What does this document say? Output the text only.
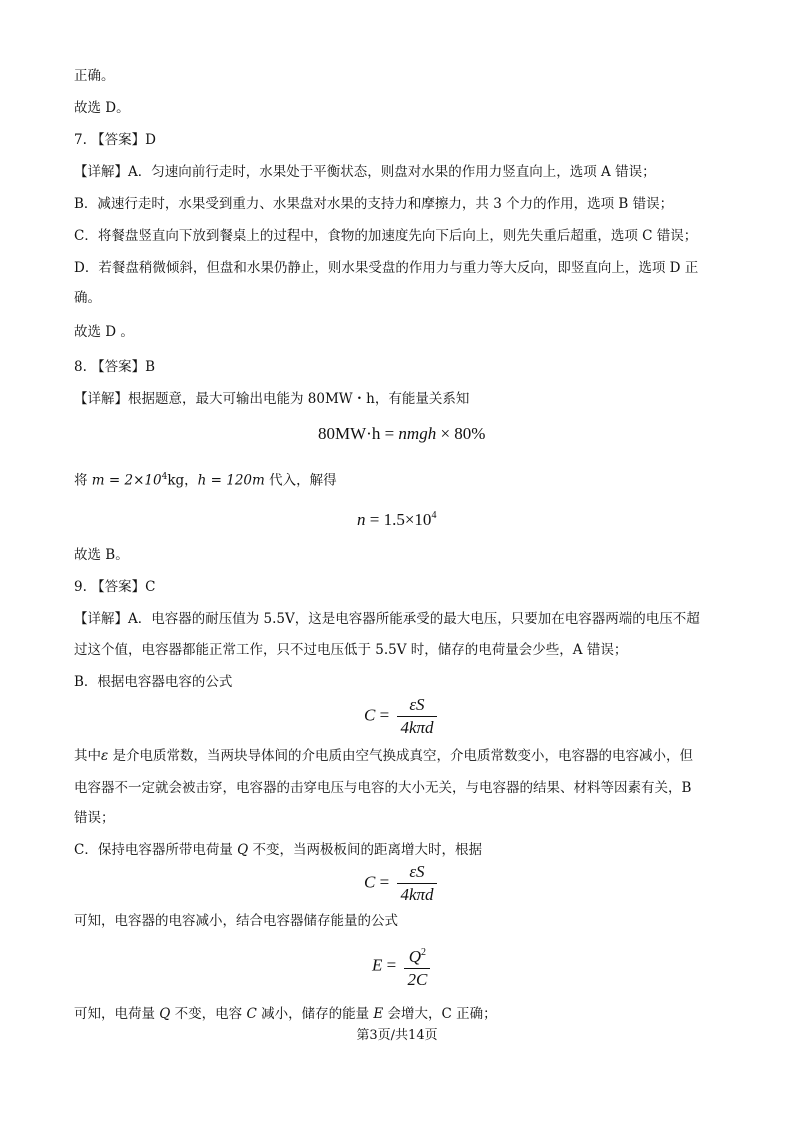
正确。
故选 D。
7. 【答案】D
【详解】A．匀速向前行走时，水果处于平衡状态，则盘对水果的作用力竖直向上，选项 A 错误；
B．减速行走时，水果受到重力、水果盘对水果的支持力和摩擦力，共 3 个力的作用，选项 B 错误；
C．将餐盘竖直向下放到餐桌上的过程中，食物的加速度先向下后向上，则先失重后超重，选项 C 错误；
D．若餐盘稍微倾斜，但盘和水果仍静止，则水果受盘的作用力与重力等大反向，即竖直向上，选项 D 正
确。
故选 D 。
8. 【答案】B
【详解】根据题意，最大可输出电能为 80MW・h，有能量关系知
80MW·h = nmgh × 80%
将 $m = 2\times 10^4kg$，h = 120m 代入，解得
$n = 1.5\times 10^4$
故选 B。
9. 【答案】C
【详解】A．电容器的耐压值为 5.5V，这是电容器所能承受的最大电压，只要加在电容器两端的电压不超
过这个值，电容器都能正常工作，只不过电压低于 5.5V 时，储存的电荷量会少些，A 错误；
B．根据电容器电容的公式
$C = \frac{\varepsilon S}{\text{4kπd}}$
其中ε 是介电质常数，当两块导体间的介电质由空气换成真空，介电质常数变小，电容器的电容减小，但
电容器不一定就会被击穿，电容器的击穿电压与电容的大小无关，与电容器的结果、材料等因素有关，B
错误；
C．保持电容器所带电荷量 Q 不变，当两极板间的距离增大时，根据
$C = \frac{\varepsilon S}{\text{4kπd}}$
可知，电容器的电容减小，结合电容器储存能量的公式
$E = \frac{Q^2}{2C}$
可知，电荷量 Q 不变，电容 C 减小，储存的能量 E 会增大，C 正确；
第3页/共14页
